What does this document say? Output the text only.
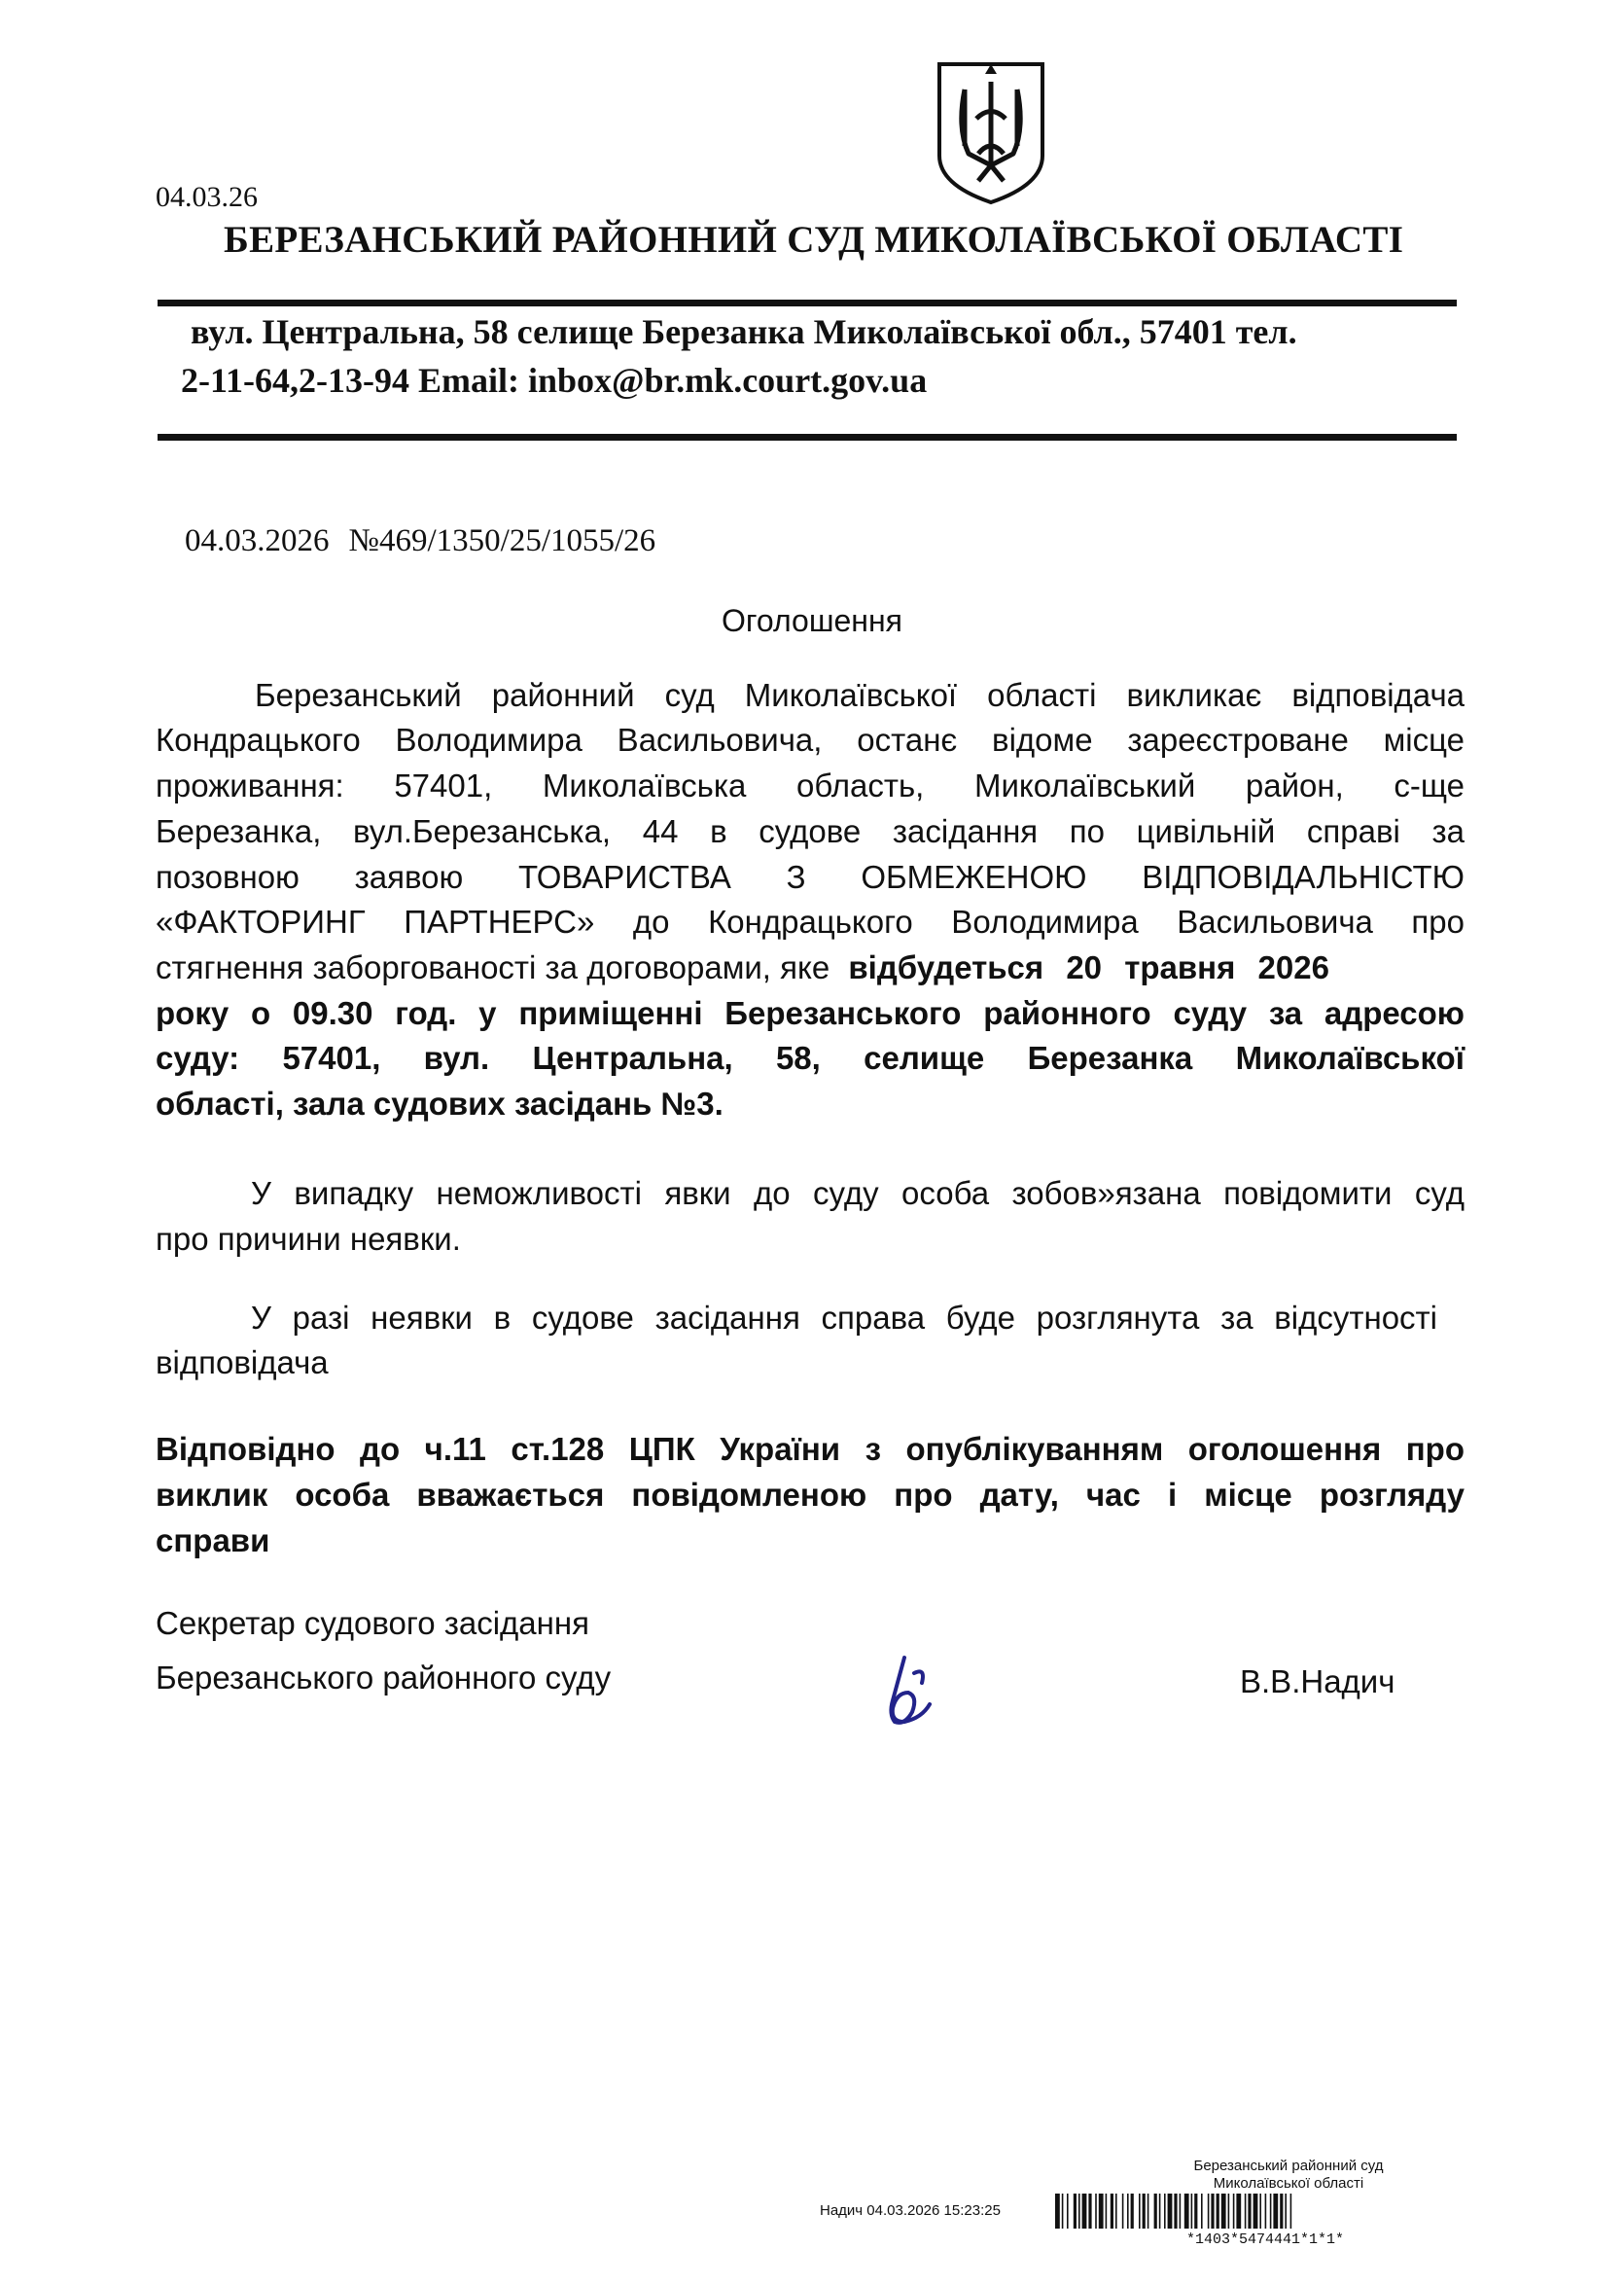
04.03.26
БЕРЕЗАНСЬКИЙ РАЙОННИЙ СУД МИКОЛАЇВСЬКОЇ ОБЛАСТІ
вул. Центральна, 58 селище Березанка Миколаївської обл., 57401 тел.
2-11-64,2-13-94 Email: inbox@br.mk.court.gov.ua
04.03.2026 №469/1350/25/1055/26
Оголошення
Березанський районний суд Миколаївської області викликає відповідача
Кондрацького Володимира Васильовича, останє відоме зареєстроване місце
проживання: 57401, Миколаївська область, Миколаївський район, с-ще
Березанка, вул.Березанська, 44 в судове засідання по цивільній справі за
позовною заявою ТОВАРИСТВА З ОБМЕЖЕНОЮ ВІДПОВІДАЛЬНІСТЮ
«ФАКТОРИНГ ПАРТНЕРС» до Кондрацького Володимира Васильовича про
стягнення заборгованості за договорами, яке відбудеться 20 травня 2026
року о 09.30 год. у приміщенні Березанського районного суду за адресою
суду: 57401, вул. Центральна, 58, селище Березанка Миколаївської
області, зала судових засідань №3.
У випадку неможливості явки до суду особа зобов»язана повідомити суд
про причини неявки.
У разі неявки в судове засідання справа буде розглянута за відсутності
відповідача
Відповідно до ч.11 ст.128 ЦПК України з опублікуванням оголошення про
виклик особа вважається повідомленою про дату, час і місце розгляду
справи
Секретар судового засідання
Березанського районного суду	В.В.Надич
Березанський районний суд
Миколаївської області
Надич 04.03.2026 15:23:25
*1403*5474441*1*1*
